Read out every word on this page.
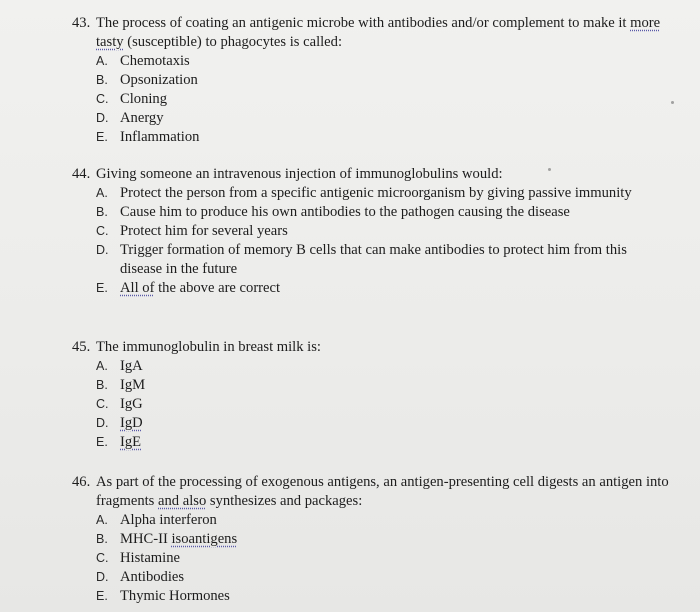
43. The process of coating an antigenic microbe with antibodies and/or complement to make it more tasty (susceptible) to phagocytes is called:
A. Chemotaxis
B. Opsonization
C. Cloning
D. Anergy
E. Inflammation
44. Giving someone an intravenous injection of immunoglobulins would:
A. Protect the person from a specific antigenic microorganism by giving passive immunity
B. Cause him to produce his own antibodies to the pathogen causing the disease
C. Protect him for several years
D. Trigger formation of memory B cells that can make antibodies to protect him from this disease in the future
E. All of the above are correct
45. The immunoglobulin in breast milk is:
A. IgA
B. IgM
C. IgG
D. IgD
E. IgE
46. As part of the processing of exogenous antigens, an antigen-presenting cell digests an antigen into fragments and also synthesizes and packages:
A. Alpha interferon
B. MHC-II isoantigens
C. Histamine
D. Antibodies
E. Thymic Hormones
